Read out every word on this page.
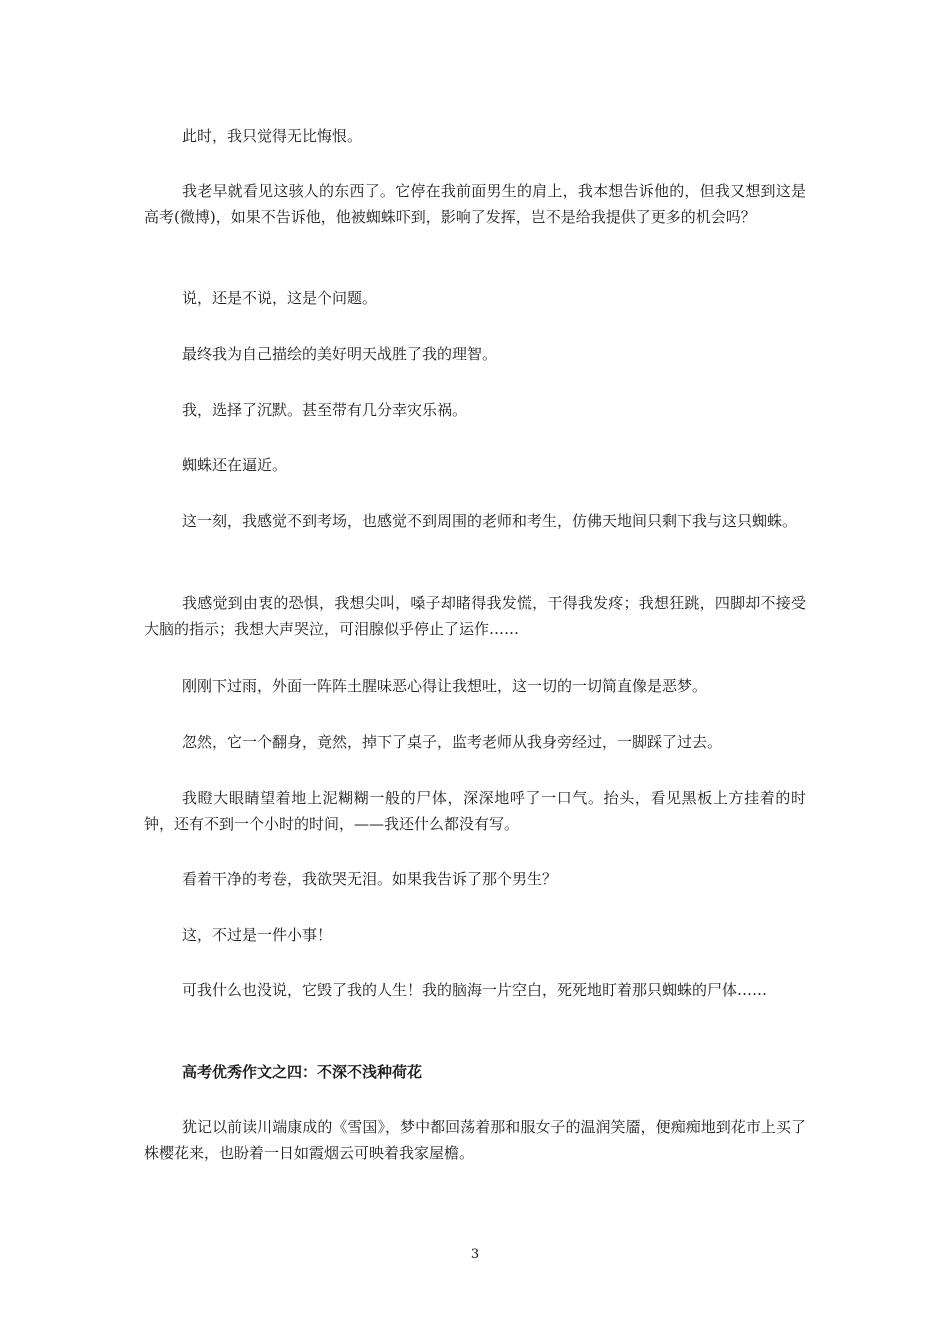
此时，我只觉得无比悔恨。

我老早就看见这骇人的东西了。它停在我前面男生的肩上，我本想告诉他的，但我又想到这是高考(微博)，如果不告诉他，他被蜘蛛吓到，影响了发挥，岂不是给我提供了更多的机会吗？

说，还是不说，这是个问题。

最终我为自己描绘的美好明天战胜了我的理智。

我，选择了沉默。甚至带有几分幸灾乐祸。

蜘蛛还在逼近。

这一刻，我感觉不到考场，也感觉不到周围的老师和考生，仿佛天地间只剩下我与这只蜘蛛。

我感觉到由衷的恐惧，我想尖叫，嗓子却睹得我发慌，干得我发疼；我想狂跳，四脚却不接受大脑的指示；我想大声哭泣，可泪腺似乎停止了运作……

刚刚下过雨，外面一阵阵土腥味恶心得让我想吐，这一切的一切简直像是恶梦。

忽然，它一个翻身，竟然，掉下了桌子，监考老师从我身旁经过，一脚踩了过去。

我瞪大眼睛望着地上泥糊糊一般的尸体，深深地呼了一口气。抬头，看见黑板上方挂着的时钟，还有不到一个小时的时间，——我还什么都没有写。

看着干净的考卷，我欲哭无泪。如果我告诉了那个男生？

这，不过是一件小事！

可我什么也没说，它毁了我的人生！我的脑海一片空白，死死地盯着那只蜘蛛的尸体……

高考优秀作文之四：不深不浅种荷花

犹记以前读川端康成的《雪国》，梦中都回荡着那和服女子的温润笑靥，便痴痴地到花市上买了株樱花来，也盼着一日如霞烟云可映着我家屋檐。

3
